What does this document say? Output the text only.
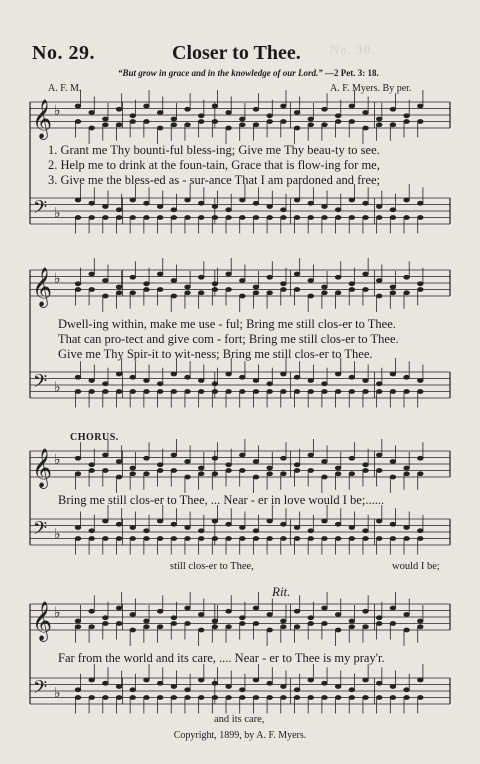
No. 30.
No. 29.	Closer to Thee.
“But grow in grace and in the knowledge of our Lord.” —2 Pet. 3: 18.
A. F. M.	A. F. Myers. By per.
𝄞
𝄢
♭
♭
𝄞
𝄢
♭
♭
𝄞
𝄢
♭
♭
𝄞
𝄢
♭
♭
1. Grant me Thy bounti-ful bless-ing; Give me Thy beau-ty to see.
2. Help me to drink at the foun-tain, Grace that is flow-ing for me,
3. Give me the bless-ed as - sur-ance That I am pardoned and free;
Dwell-ing within, make me use - ful; Bring me still clos-er to Thee.
That can pro-tect and give com - fort; Bring me still clos-er to Thee.
Give me Thy Spir-it to wit-ness; Bring me still clos-er to Thee.
CHORUS.
Bring me still clos-er to Thee, ... Near - er in love would I be;......
still clos-er to Thee,	would I be;
Rit.
Far from the world and its care, .... Near - er to Thee is my pray'r.
and its care,
Copyright, 1899, by A. F. Myers.
